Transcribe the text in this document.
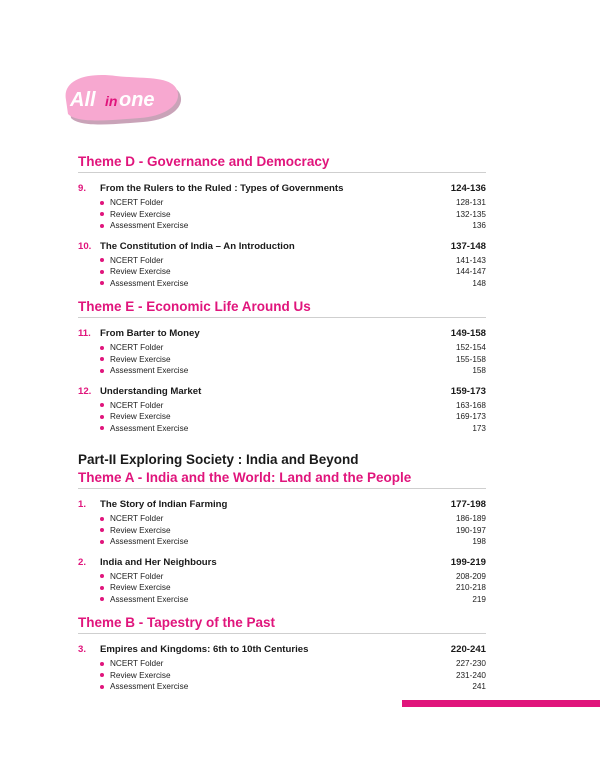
All in one
Theme D - Governance and Democracy
9.	From the Rulers to the Ruled : Types of Governments	124-136
NCERT Folder	128-131
Review Exercise	132-135
Assessment Exercise	136
10. The Constitution of India – An Introduction	137-148
NCERT Folder	141-143
Review Exercise	144-147
Assessment Exercise	148
Theme E - Economic Life Around Us
11. From Barter to Money	149-158
NCERT Folder	152-154
Review Exercise	155-158
Assessment Exercise	158
12. Understanding Market	159-173
NCERT Folder	163-168
Review Exercise	169-173
Assessment Exercise	173
Part-II Exploring Society : India and Beyond
Theme A - India and the World: Land and the People
1.	The Story of Indian Farming	177-198
NCERT Folder	186-189
Review Exercise	190-197
Assessment Exercise	198
2.	India and Her Neighbours	199-219
NCERT Folder	208-209
Review Exercise	210-218
Assessment Exercise	219
Theme B - Tapestry of the Past
3.	Empires and Kingdoms: 6th to 10th Centuries	220-241
NCERT Folder	227-230
Review Exercise	231-240
Assessment Exercise	241
